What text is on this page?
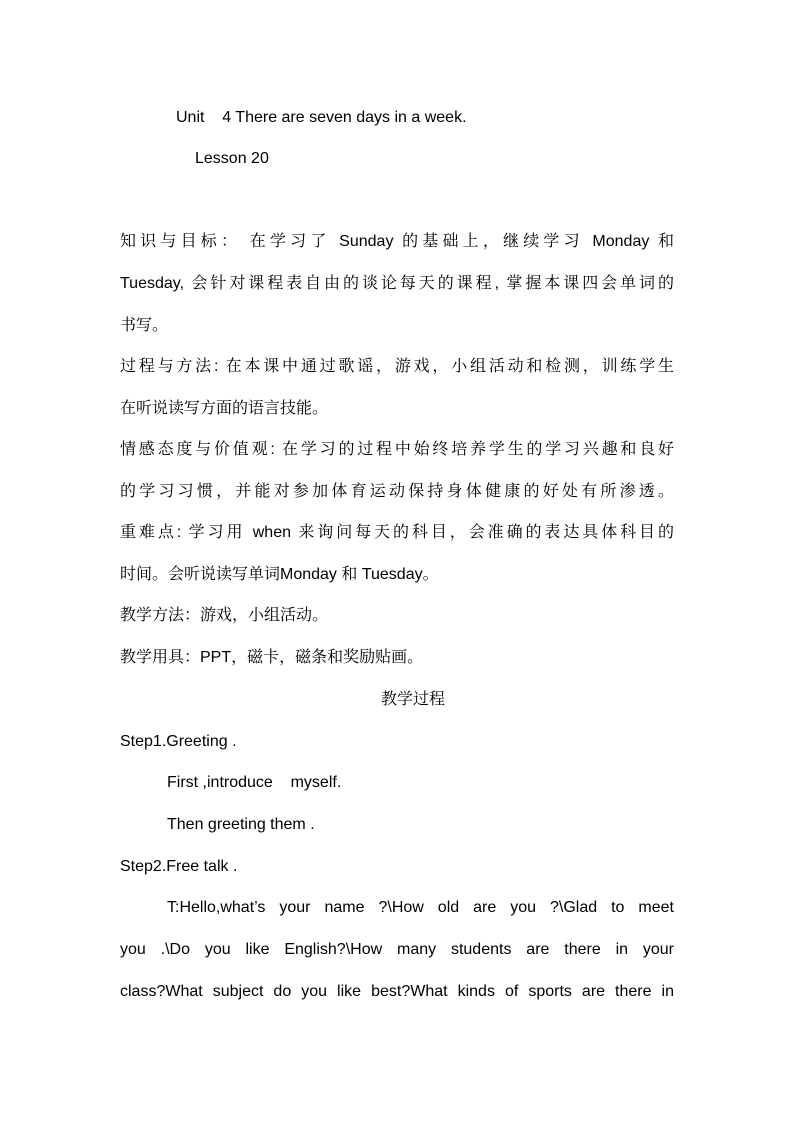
Unit    4 There are seven days in a week.
Lesson 20
知识与目标： 在学习了 Sunday 的基础上，继续学习 Monday 和
Tuesday, 会针对课程表自由的谈论每天的课程, 掌握本课四会单词的
书写。
过程与方法: 在本课中通过歌谣，游戏，小组活动和检测，训练学生
在听说读写方面的语言技能。
情感态度与价值观: 在学习的过程中始终培养学生的学习兴趣和良好
的学习习惯，并能对参加体育运动保持身体健康的好处有所渗透。
重难点: 学习用 when 来询问每天的科目，会准确的表达具体科目的
时间。会听说读写单词Monday 和 Tuesday。
教学方法：游戏，小组活动。
教学用具：PPT，磁卡，磁条和奖励贴画。
教学过程
Step1.Greeting .
First ,introduce    myself.
Then greeting them .
Step2.Free talk .
T:Hello,what’s your name ?\How old are you ?\Glad to meet
you .\Do you like English?\How many students are there in your
class?What subject do you like best?What kinds of sports are there in
